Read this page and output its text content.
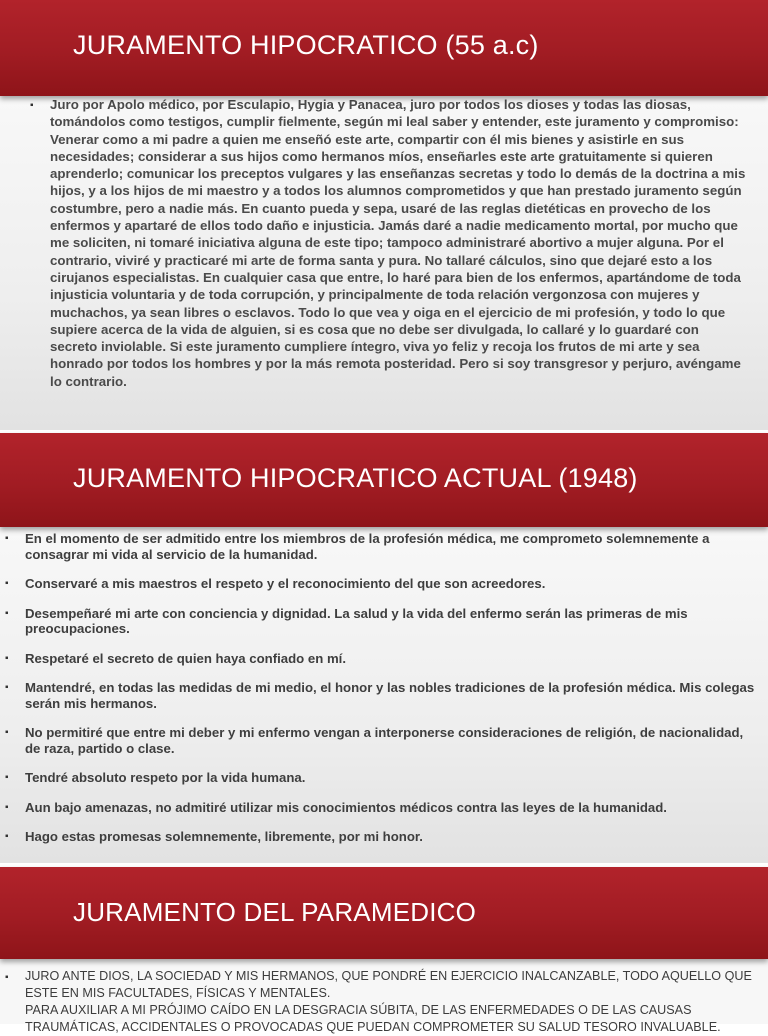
JURAMENTO HIPOCRATICO (55 a.c)
▪ Juro por Apolo médico, por Esculapio, Hygia y Panacea, juro por todos los dioses y todas las diosas, tomándolos como testigos, cumplir fielmente, según mi leal saber y entender, este juramento y compromiso: Venerar como a mi padre a quien me enseñó este arte, compartir con él mis bienes y asistirle en sus necesidades; considerar a sus hijos como hermanos míos, enseñarles este arte gratuitamente si quieren aprenderlo; comunicar los preceptos vulgares y las enseñanzas secretas y todo lo demás de la doctrina a mis hijos, y a los hijos de mi maestro y a todos los alumnos comprometidos y que han prestado juramento según costumbre, pero a nadie más. En cuanto pueda y sepa, usaré de las reglas dietéticas en provecho de los enfermos y apartaré de ellos todo daño e injusticia. Jamás daré a nadie medicamento mortal, por mucho que me soliciten, ni tomaré iniciativa alguna de este tipo; tampoco administraré abortivo a mujer alguna. Por el contrario, viviré y practicaré mi arte de forma santa y pura. No tallaré cálculos, sino que dejaré esto a los cirujanos especialistas. En cualquier casa que entre, lo haré para bien de los enfermos, apartándome de toda injusticia voluntaria y de toda corrupción, y principalmente de toda relación vergonzosa con mujeres y muchachos, ya sean libres o esclavos. Todo lo que vea y oiga en el ejercicio de mi profesión, y todo lo que supiere acerca de la vida de alguien, si es cosa que no debe ser divulgada, lo callaré y lo guardaré con secreto inviolable. Si este juramento cumpliere íntegro, viva yo feliz y recoja los frutos de mi arte y sea honrado por todos los hombres y por la más remota posteridad. Pero si soy transgresor y perjuro, avéngame lo contrario.
JURAMENTO HIPOCRATICO ACTUAL (1948)
▪ En el momento de ser admitido entre los miembros de la profesión médica, me comprometo solemnemente a consagrar mi vida al servicio de la humanidad.
▪ Conservaré a mis maestros el respeto y el reconocimiento del que son acreedores.
▪ Desempeñaré mi arte con conciencia y dignidad. La salud y la vida del enfermo serán las primeras de mis preocupaciones.
▪ Respetaré el secreto de quien haya confiado en mí.
▪ Mantendré, en todas las medidas de mi medio, el honor y las nobles tradiciones de la profesión médica. Mis colegas serán mis hermanos.
▪ No permitiré que entre mi deber y mi enfermo vengan a interponerse consideraciones de religión, de nacionalidad, de raza, partido o clase.
▪ Tendré absoluto respeto por la vida humana.
▪ Aun bajo amenazas, no admitiré utilizar mis conocimientos médicos contra las leyes de la humanidad.
▪ Hago estas promesas solemnemente, libremente, por mi honor.
JURAMENTO DEL PARAMEDICO
▪ JURO ANTE DIOS, LA SOCIEDAD Y MIS HERMANOS, QUE PONDRÉ EN EJERCICIO INALCANZABLE, TODO AQUELLO QUE ESTE EN MIS FACULTADES, FÍSICAS Y MENTALES.

PARA AUXILIAR A MI PRÓJIMO CAÍDO EN LA DESGRACIA SÚBITA, DE LAS ENFERMEDADES O DE LAS CAUSAS TRAUMÁTICAS, ACCIDENTALES O PROVOCADAS QUE PUEDAN COMPROMETER SU SALUD TESORO INVALUABLE.
